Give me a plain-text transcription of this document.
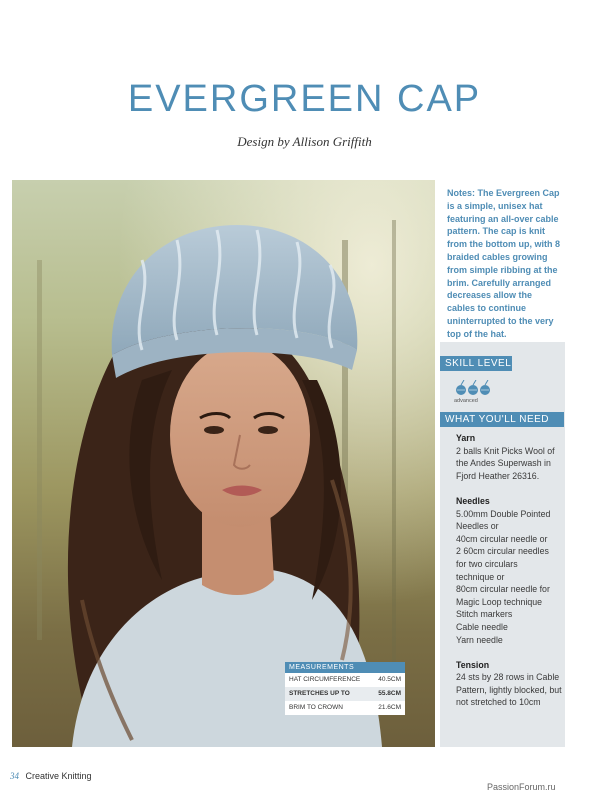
EVERGREEN CAP
Design by Allison Griffith
Notes: The Evergreen Cap is a simple, unisex hat featuring an all-over cable pattern. The cap is knit from the bottom up, with 8 braided cables growing from simple ribbing at the brim. Carefully arranged decreases allow the cables to continue uninterrupted to the very top of the hat.
SKILL LEVEL
advanced
WHAT YOU'LL NEED
Yarn
2 balls Knit Picks Wool of the Andes Superwash in Fjord Heather 26316.
Needles
5.00mm Double Pointed
Needles or
40cm circular needle or
2 60cm circular needles
for two circulars
technique or
80cm circular needle for
Magic Loop technique
Stitch markers
Cable needle
Yarn needle
Tension
24 sts by 28 rows in Cable Pattern, lightly blocked, but not stretched to 10cm
MEASUREMENTS
HAT CIRCUMFERENCE	40.5CM
STRETCHES UP TO	55.8CM
BRIM TO CROWN	21.6CM
34 Creative Knitting
PassionForum.ru
